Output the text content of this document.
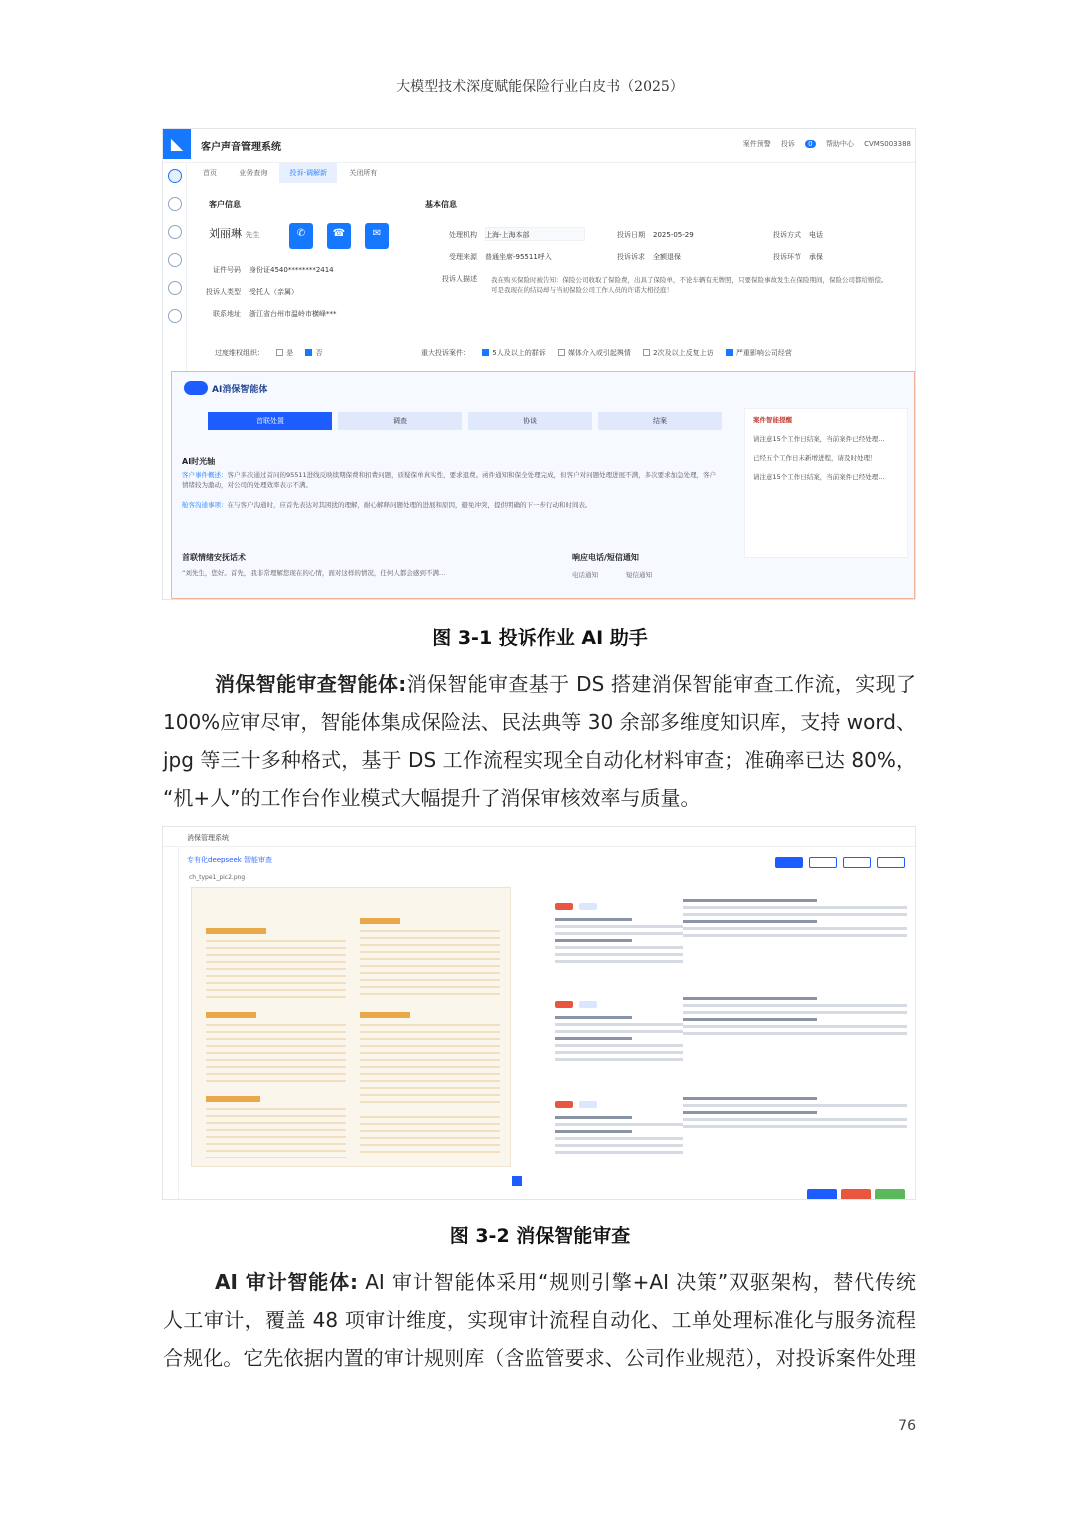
大模型技术深度赋能保险行业白皮书（2025）
◣	客户声音管理系统	案件预警 投诉 0 帮助中心 CVMS003388
首页	业务查询	投诉-调解新	关闭所有
客户信息
刘丽琳 先生	✆	☎	✉
证件号码 身份证4540********2414
投诉人类型 受托人（亲属）
联系地址 浙江省台州市温岭市横峰***
基本信息
处理机构 上海-上海本部	投诉日期 2025-05-29	投诉方式 电话
受理来源 普通坐席-95511呼入	投诉诉求 全额退保	投诉环节 承保
投诉人描述	我在购买保险时被告知：保险公司收取了保险费，出具了保险单，不论车辆有无牌照，只要保险事故发生在保险期间，保险公司都给赔偿。可是我现在的结局却与当初保险公司工作人员的许诺大相径庭！
过度维权组织：	是	否	重大投诉案件：	5人及以上的群诉	媒体介入或引起舆情	2次及以上反复上访	严重影响公司经营
AI消保智能体
首联处置	调查	协谈	结案
AI时光轴
客户事件概述：客户多次通过首问的95511进线反映续期保费和扣费问题，质疑保单真实性，要求退费。函件通知和保全处理完成，但客户对问题处理进展不满，多次要求加急处理，客户情绪较为激动，对公司的处理效率表示不满。
舱客沟通事项：在与客户沟通时，应首先表达对其困扰的理解，耐心解释问题处理的进展和原因，避免冲突，提供明确的下一步行动和时间表。
首联情绪安抚话术
“刘先生，您好。首先，我非常理解您现在的心情，面对这样的情况，任何人都会感到不满…
响应电话/短信通知
电话通知	短信通知
案件智能提醒
请注意15个工作日结案，当前案件已经处理…
已经五个工作日未新增进程，请及时处理！
请注意15个工作日结案，当前案件已经处理…
图 3-1 投诉作业 AI 助手
消保智能审查智能体:消保智能审查基于 DS 搭建消保智能审查工作流，实现了
100%应审尽审，智能体集成保险法、民法典等 30 余部多维度知识库，支持 word、
jpg 等三十多种格式，基于 DS 工作流程实现全自动化材料审查；准确率已达 80%，
“机+人”的工作台作业模式大幅提升了消保审核效率与质量。
消保管理系统
专有化deepseek 智能审查
ch_type1_pic2.png
图 3-2 消保智能审查
AI 审计智能体: AI 审计智能体采用“规则引擎+AI 决策”双驱架构，替代传统
人工审计，覆盖 48 项审计维度，实现审计流程自动化、工单处理标准化与服务流程
合规化。它先依据内置的审计规则库（含监管要求、公司作业规范），对投诉案件处理
76
